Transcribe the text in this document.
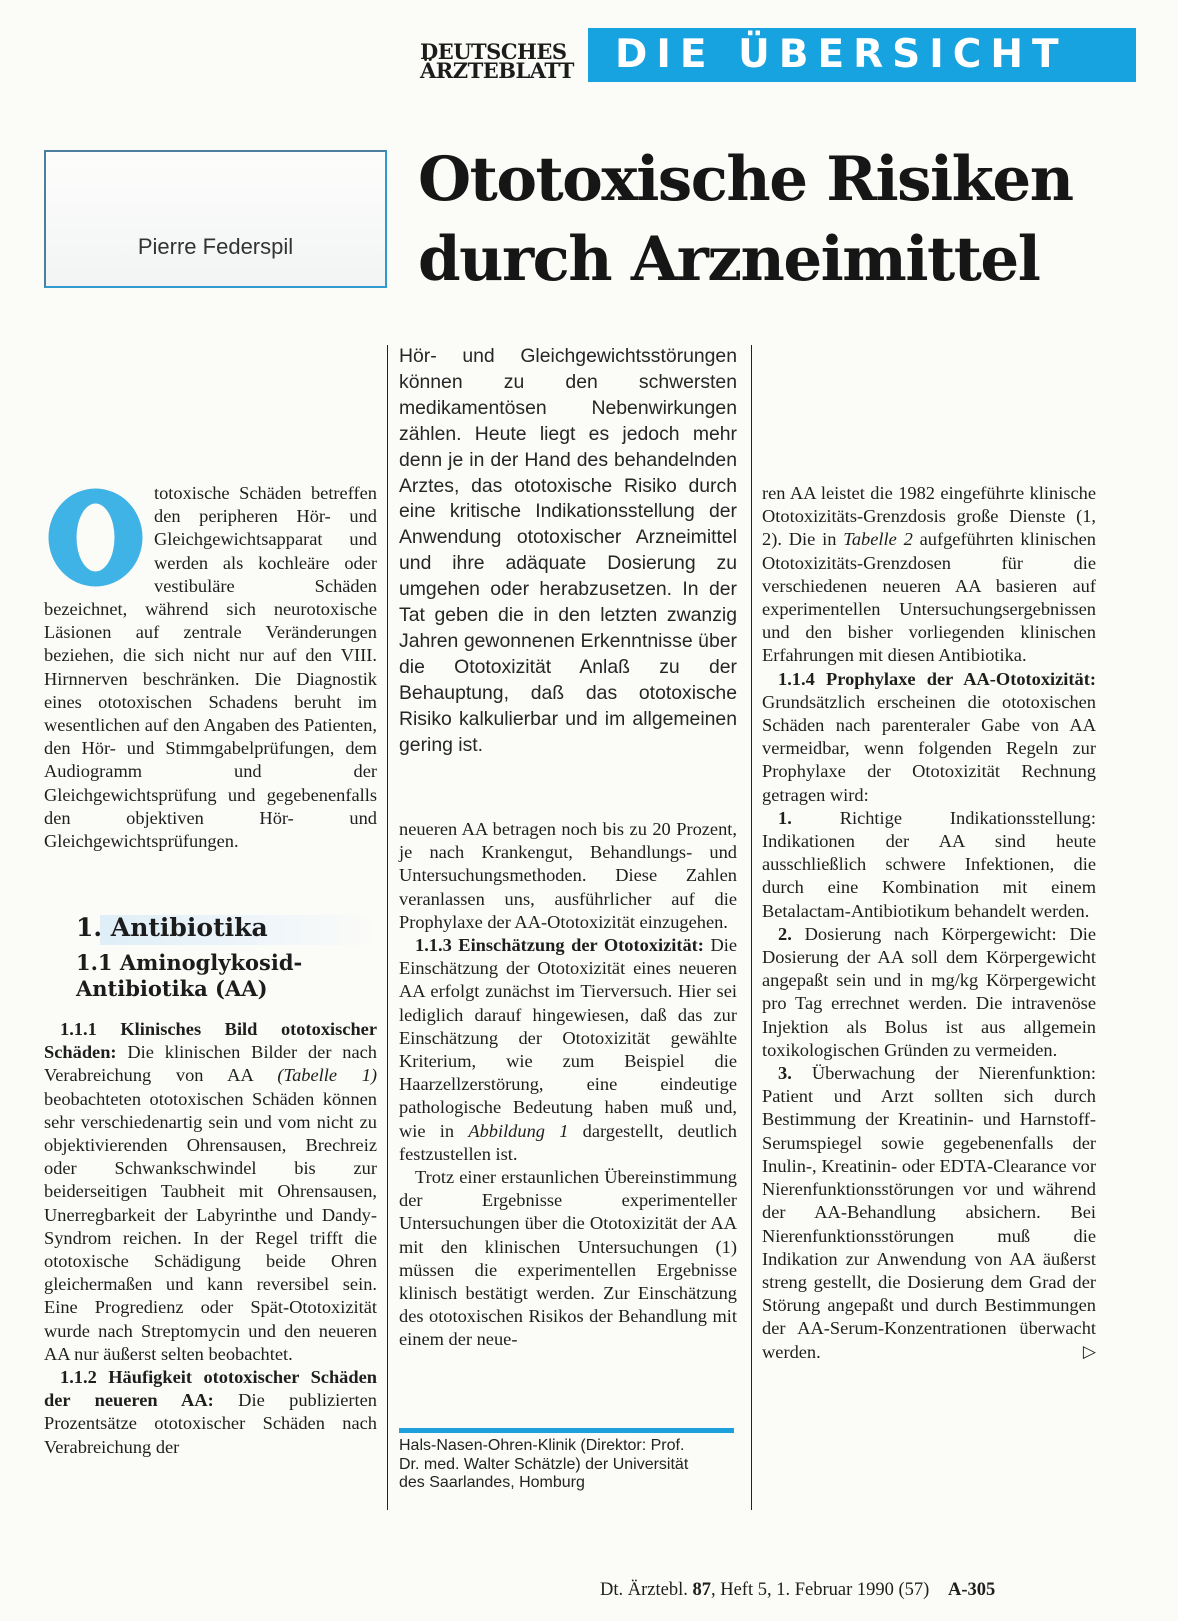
DEUTSCHES
ÄRZTEBLATT	DIE ÜBERSICHT
Pierre Federspil
Ototoxische Risiken
durch Arzneimittel
Hör- und Gleichgewichtsstörungen können zu den schwersten medikamentösen Nebenwirkungen zählen. Heute liegt es jedoch mehr denn je in der Hand des behandelnden Arztes, das ototoxische Risiko durch eine kritische Indikationsstellung der Anwendung ototoxischer Arzneimittel und ihre adäquate Dosierung zu umgehen oder herabzusetzen. In der Tat geben die in den letzten zwanzig Jahren gewonnenen Erkenntnisse über die Ototoxizität Anlaß zu der Behauptung, daß das ototoxische Risiko kalkulierbar und im allgemeinen gering ist.

totoxische Schäden betreffen den peripheren Hör- und Gleichgewichtsapparat und werden als kochleäre oder vestibuläre Schäden bezeichnet, während sich neurotoxische Läsionen auf zentrale Veränderungen beziehen, die sich nicht nur auf den VIII. Hirnnerven beschränken. Die Diagnostik eines ototoxischen Schadens beruht im wesentlichen auf den Angaben des Patienten, den Hör- und Stimmgabelprüfungen, dem Audiogramm und der Gleichgewichtsprüfung und gegebenenfalls den objektiven Hör- und Gleichgewichtsprüfungen.

1. Antibiotika
1.1 Aminoglykosid-
Antibiotika (AA)

1.1.1 Klinisches Bild ototoxischer Schäden: Die klinischen Bilder der nach Verabreichung von AA (Tabelle 1) beobachteten ototoxischen Schäden können sehr verschiedenartig sein und vom nicht zu objektivierenden Ohrensausen, Brechreiz oder Schwankschwindel bis zur beiderseitigen Taubheit mit Ohrensausen, Unerregbarkeit der Labyrinthe und Dandy-Syndrom reichen. In der Regel trifft die ototoxische Schädigung beide Ohren gleichermaßen und kann reversibel sein. Eine Progredienz oder Spät-Ototoxizität wurde nach Streptomycin und den neueren AA nur äußerst selten beobachtet.

1.1.2 Häufigkeit ototoxischer Schäden der neueren AA: Die publizierten Prozentsätze ototoxischer Schäden nach Verabreichung der

neueren AA betragen noch bis zu 20 Prozent, je nach Krankengut, Behandlungs- und Untersuchungsmethoden. Diese Zahlen veranlassen uns, ausführlicher auf die Prophylaxe der AA-Ototoxizität einzugehen.

1.1.3 Einschätzung der Ototoxizität: Die Einschätzung der Ototoxizität eines neueren AA erfolgt zunächst im Tierversuch. Hier sei lediglich darauf hingewiesen, daß das zur Einschätzung der Ototoxizität gewählte Kriterium, wie zum Beispiel die Haarzellzerstörung, eine eindeutige pathologische Bedeutung haben muß und, wie in Abbildung 1 dargestellt, deutlich festzustellen ist.

Trotz einer erstaunlichen Übereinstimmung der Ergebnisse experimenteller Untersuchungen über die Ototoxizität der AA mit den klinischen Untersuchungen (1) müssen die experimentellen Ergebnisse klinisch bestätigt werden. Zur Einschätzung des ototoxischen Risikos der Behandlung mit einem der neue-

Hals-Nasen-Ohren-Klinik (Direktor: Prof. Dr. med. Walter Schätzle) der Universität des Saarlandes, Homburg

ren AA leistet die 1982 eingeführte klinische Ototoxizitäts-Grenzdosis große Dienste (1, 2). Die in Tabelle 2 aufgeführten klinischen Ototoxizitäts-Grenzdosen für die verschiedenen neueren AA basieren auf experimentellen Untersuchungsergebnissen und den bisher vorliegenden klinischen Erfahrungen mit diesen Antibiotika.

1.1.4 Prophylaxe der AA-Ototoxizität: Grundsätzlich erscheinen die ototoxischen Schäden nach parenteraler Gabe von AA vermeidbar, wenn folgenden Regeln zur Prophylaxe der Ototoxizität Rechnung getragen wird:

1. Richtige Indikationsstellung: Indikationen der AA sind heute ausschließlich schwere Infektionen, die durch eine Kombination mit einem Betalactam-Antibiotikum behandelt werden.

2. Dosierung nach Körpergewicht: Die Dosierung der AA soll dem Körpergewicht angepaßt sein und in mg/kg Körpergewicht pro Tag errechnet werden. Die intravenöse Injektion als Bolus ist aus allgemein toxikologischen Gründen zu vermeiden.

3. Überwachung der Nierenfunktion: Patient und Arzt sollten sich durch Bestimmung der Kreatinin- und Harnstoff-Serumspiegel sowie gegebenenfalls der Inulin-, Kreatinin- oder EDTA-Clearance vor Nierenfunktionsstörungen vor und während der AA-Behandlung absichern. Bei Nierenfunktionsstörungen muß die Indikation zur Anwendung von AA äußerst streng gestellt, die Dosierung dem Grad der Störung angepaßt und durch Bestimmungen der AA-Serum-Konzentrationen überwacht werden.	▷

Dt. Ärztebl. 87, Heft 5, 1. Februar 1990 (57) A-305
